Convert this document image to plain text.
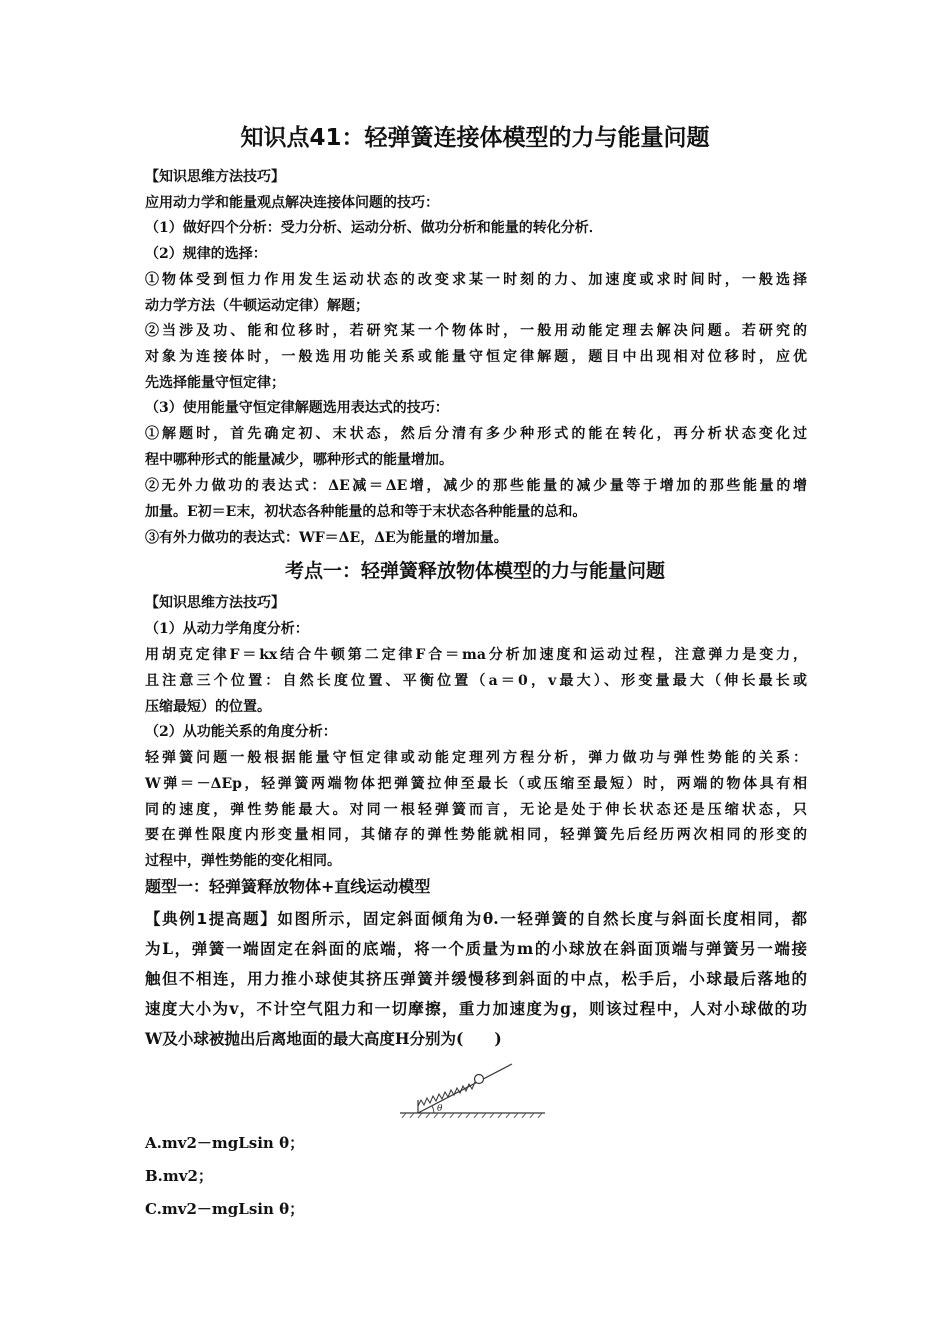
知识点41：轻弹簧连接体模型的力与能量问题
【知识思维方法技巧】
应用动力学和能量观点解决连接体问题的技巧：
（1）做好四个分析：受力分析、运动分析、做功分析和能量的转化分析．
（2）规律的选择：
①物体受到恒力作用发生运动状态的改变求某一时刻的力、加速度或求时间时，一般选择
动力学方法（牛顿运动定律）解题；
②当涉及功、能和位移时，若研究某一个物体时，一般用动能定理去解决问题。若研究的
对象为连接体时，一般选用功能关系或能量守恒定律解题，题目中出现相对位移时，应优
先选择能量守恒定律；
（3）使用能量守恒定律解题选用表达式的技巧：
①解题时，首先确定初、末状态，然后分清有多少种形式的能在转化，再分析状态变化过
程中哪种形式的能量减少，哪种形式的能量增加。
②无外力做功的表达式：ΔE减＝ΔE增，减少的那些能量的减少量等于增加的那些能量的增
加量。E初＝E末，初状态各种能量的总和等于末状态各种能量的总和。
③有外力做功的表达式：WF＝ΔE，ΔE为能量的增加量。
考点一：轻弹簧释放物体模型的力与能量问题
【知识思维方法技巧】
（1）从动力学角度分析：
用胡克定律F＝kx结合牛顿第二定律F合＝ma分析加速度和运动过程，注意弹力是变力，
且注意三个位置：自然长度位置、平衡位置（a＝0，v最大）、形变量最大（伸长最长或
压缩最短）的位置。
（2）从功能关系的角度分析：
轻弹簧问题一般根据能量守恒定律或动能定理列方程分析，弹力做功与弹性势能的关系：
W弹＝－ΔEp，轻弹簧两端物体把弹簧拉伸至最长（或压缩至最短）时，两端的物体具有相
同的速度，弹性势能最大。对同一根轻弹簧而言，无论是处于伸长状态还是压缩状态，只
要在弹性限度内形变量相同，其储存的弹性势能就相同，轻弹簧先后经历两次相同的形变的
过程中，弹性势能的变化相同。
题型一：轻弹簧释放物体+直线运动模型
【典例1提高题】如图所示，固定斜面倾角为θ.一轻弹簧的自然长度与斜面长度相同，都
为L，弹簧一端固定在斜面的底端，将一个质量为m的小球放在斜面顶端与弹簧另一端接
触但不相连，用力推小球使其挤压弹簧并缓慢移到斜面的中点，松手后，小球最后落地的
速度大小为v，不计空气阻力和一切摩擦，重力加速度为g，则该过程中，人对小球做的功
W及小球被抛出后离地面的最大高度H分别为(　　)
θ
A.mv2－mgLsin θ；
B.mv2；
C.mv2－mgLsin θ；
